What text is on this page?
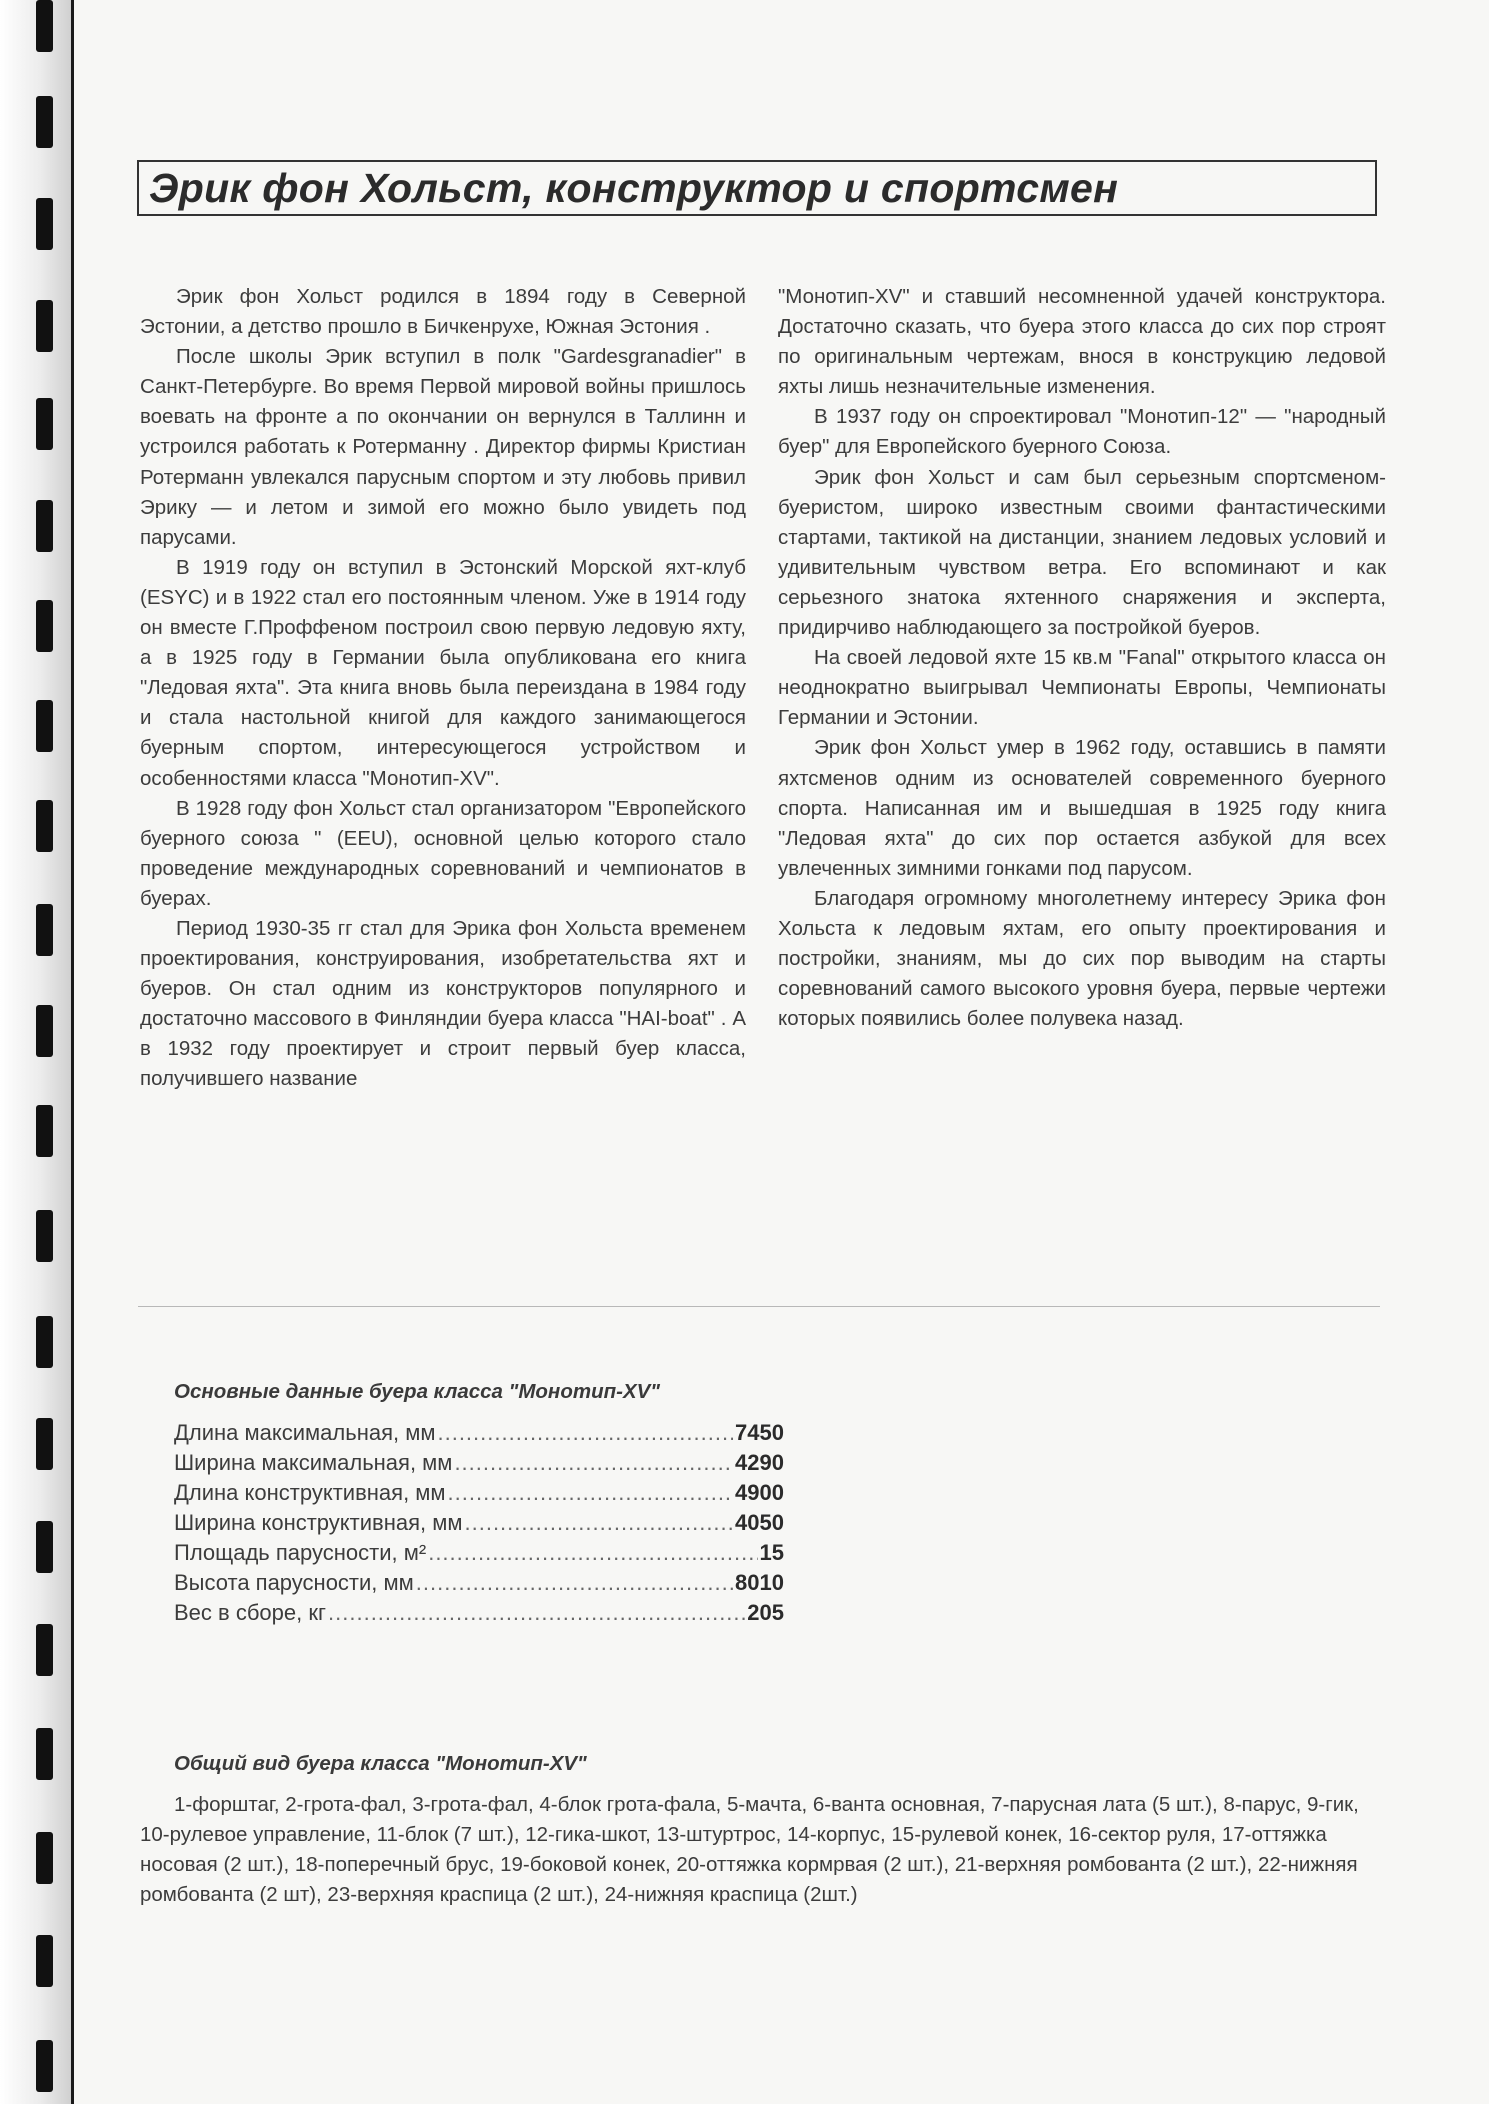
Эрик фон Хольст, конструктор и спортсмен

Эрик фон Хольст родился в 1894 году в Северной Эстонии, а детство прошло в Бичкенрухе, Южная Эстония .

После школы Эрик вступил в полк "Gardesgranadier" в Санкт-Петербурге. Во время Первой мировой войны пришлось воевать на фронте а по окончании он вернулся в Таллинн и устроился работать к Ротерманну . Директор фирмы Кристиан Ротерманн увлекался парусным спортом и эту любовь привил Эрику — и летом и зимой его можно было увидеть под парусами.

В 1919 году он вступил в Эстонский Морской яхт-клуб (ESYC) и в 1922 стал его постоянным членом. Уже в 1914 году он вместе Г.Проффеном построил свою первую ледовую яхту, а в 1925 году в Германии была опубликована его книга "Ледовая яхта". Эта книга вновь была переиздана в 1984 году и стала настольной книгой для каждого занимающегося буерным спортом, интересующегося устройством и особенностями класса "Монотип-XV".

В 1928 году фон Хольст стал организатором "Европейского буерного союза " (EEU), основной целью которого стало проведение международных соревнований и чемпионатов в буерах.

Период 1930-35 гг стал для Эрика фон Хольста временем проектирования, конструирования, изобретательства яхт и буеров. Он стал одним из конструкторов популярного и достаточно массового в Финляндии буера класса "HAI-boat" . А в 1932 году проектирует и строит первый буер класса, получившего название

"Монотип-XV" и ставший несомненной удачей конструктора. Достаточно сказать, что буера этого класса до сих пор строят по оригинальным чертежам, внося в конструкцию ледовой яхты лишь незначительные изменения.

В 1937 году он спроектировал "Монотип-12" — "народный буер" для Европейского буерного Союза.

Эрик фон Хольст и сам был серьезным спортсменом-буеристом, широко известным своими фантастическими стартами, тактикой на дистанции, знанием ледовых условий и удивительным чувством ветра. Его вспоминают и как серьезного знатока яхтенного снаряжения и эксперта, придирчиво наблюдающего за постройкой буеров.

На своей ледовой яхте 15 кв.м "Fanal" открытого класса он неоднократно выигрывал Чемпионаты Европы, Чемпионаты Германии и Эстонии.

Эрик фон Хольст умер в 1962 году, оставшись в памяти яхтсменов одним из основателей современного буерного спорта. Написанная им и вышедшая в 1925 году книга "Ледовая яхта" до сих пор остается азбукой для всех увлеченных зимними гонками под парусом.

Благодаря огромному многолетнему интересу Эрика фон Хольста к ледовым яхтам, его опыту проектирования и постройки, знаниям, мы до сих пор выводим на старты соревнований самого высокого уровня буера, первые чертежи которых появились более полувека назад.

Основные данные буера класса "Монотип-XV"
Длина максимальная, мм .....	7450
Ширина максимальная, мм .....	4290
Длина конструктивная, мм .....	4900
Ширина конструктивная, мм .....	4050
Площадь парусности, м² .....	15
Высота парусности, мм .....	8010
Вес в сборе, кг .....	205
Общий вид буера класса "Монотип-XV"

1-форштаг, 2-грота-фал, 3-грота-фал, 4-блок грота-фала, 5-мачта, 6-ванта основная, 7-парусная лата (5 шт.), 8-парус, 9-гик, 10-рулевое управление, 11-блок (7 шт.), 12-гика-шкот, 13-штуртрос, 14-корпус, 15-рулевой конек, 16-сектор руля, 17-оттяжка носовая (2 шт.), 18-поперечный брус, 19-боковой конек, 20-оттяжка кормрвая (2 шт.), 21-верхняя ромбованта (2 шт.), 22-нижняя ромбованта (2 шт), 23-верхняя краспица (2 шт.), 24-нижняя краспица (2шт.)
